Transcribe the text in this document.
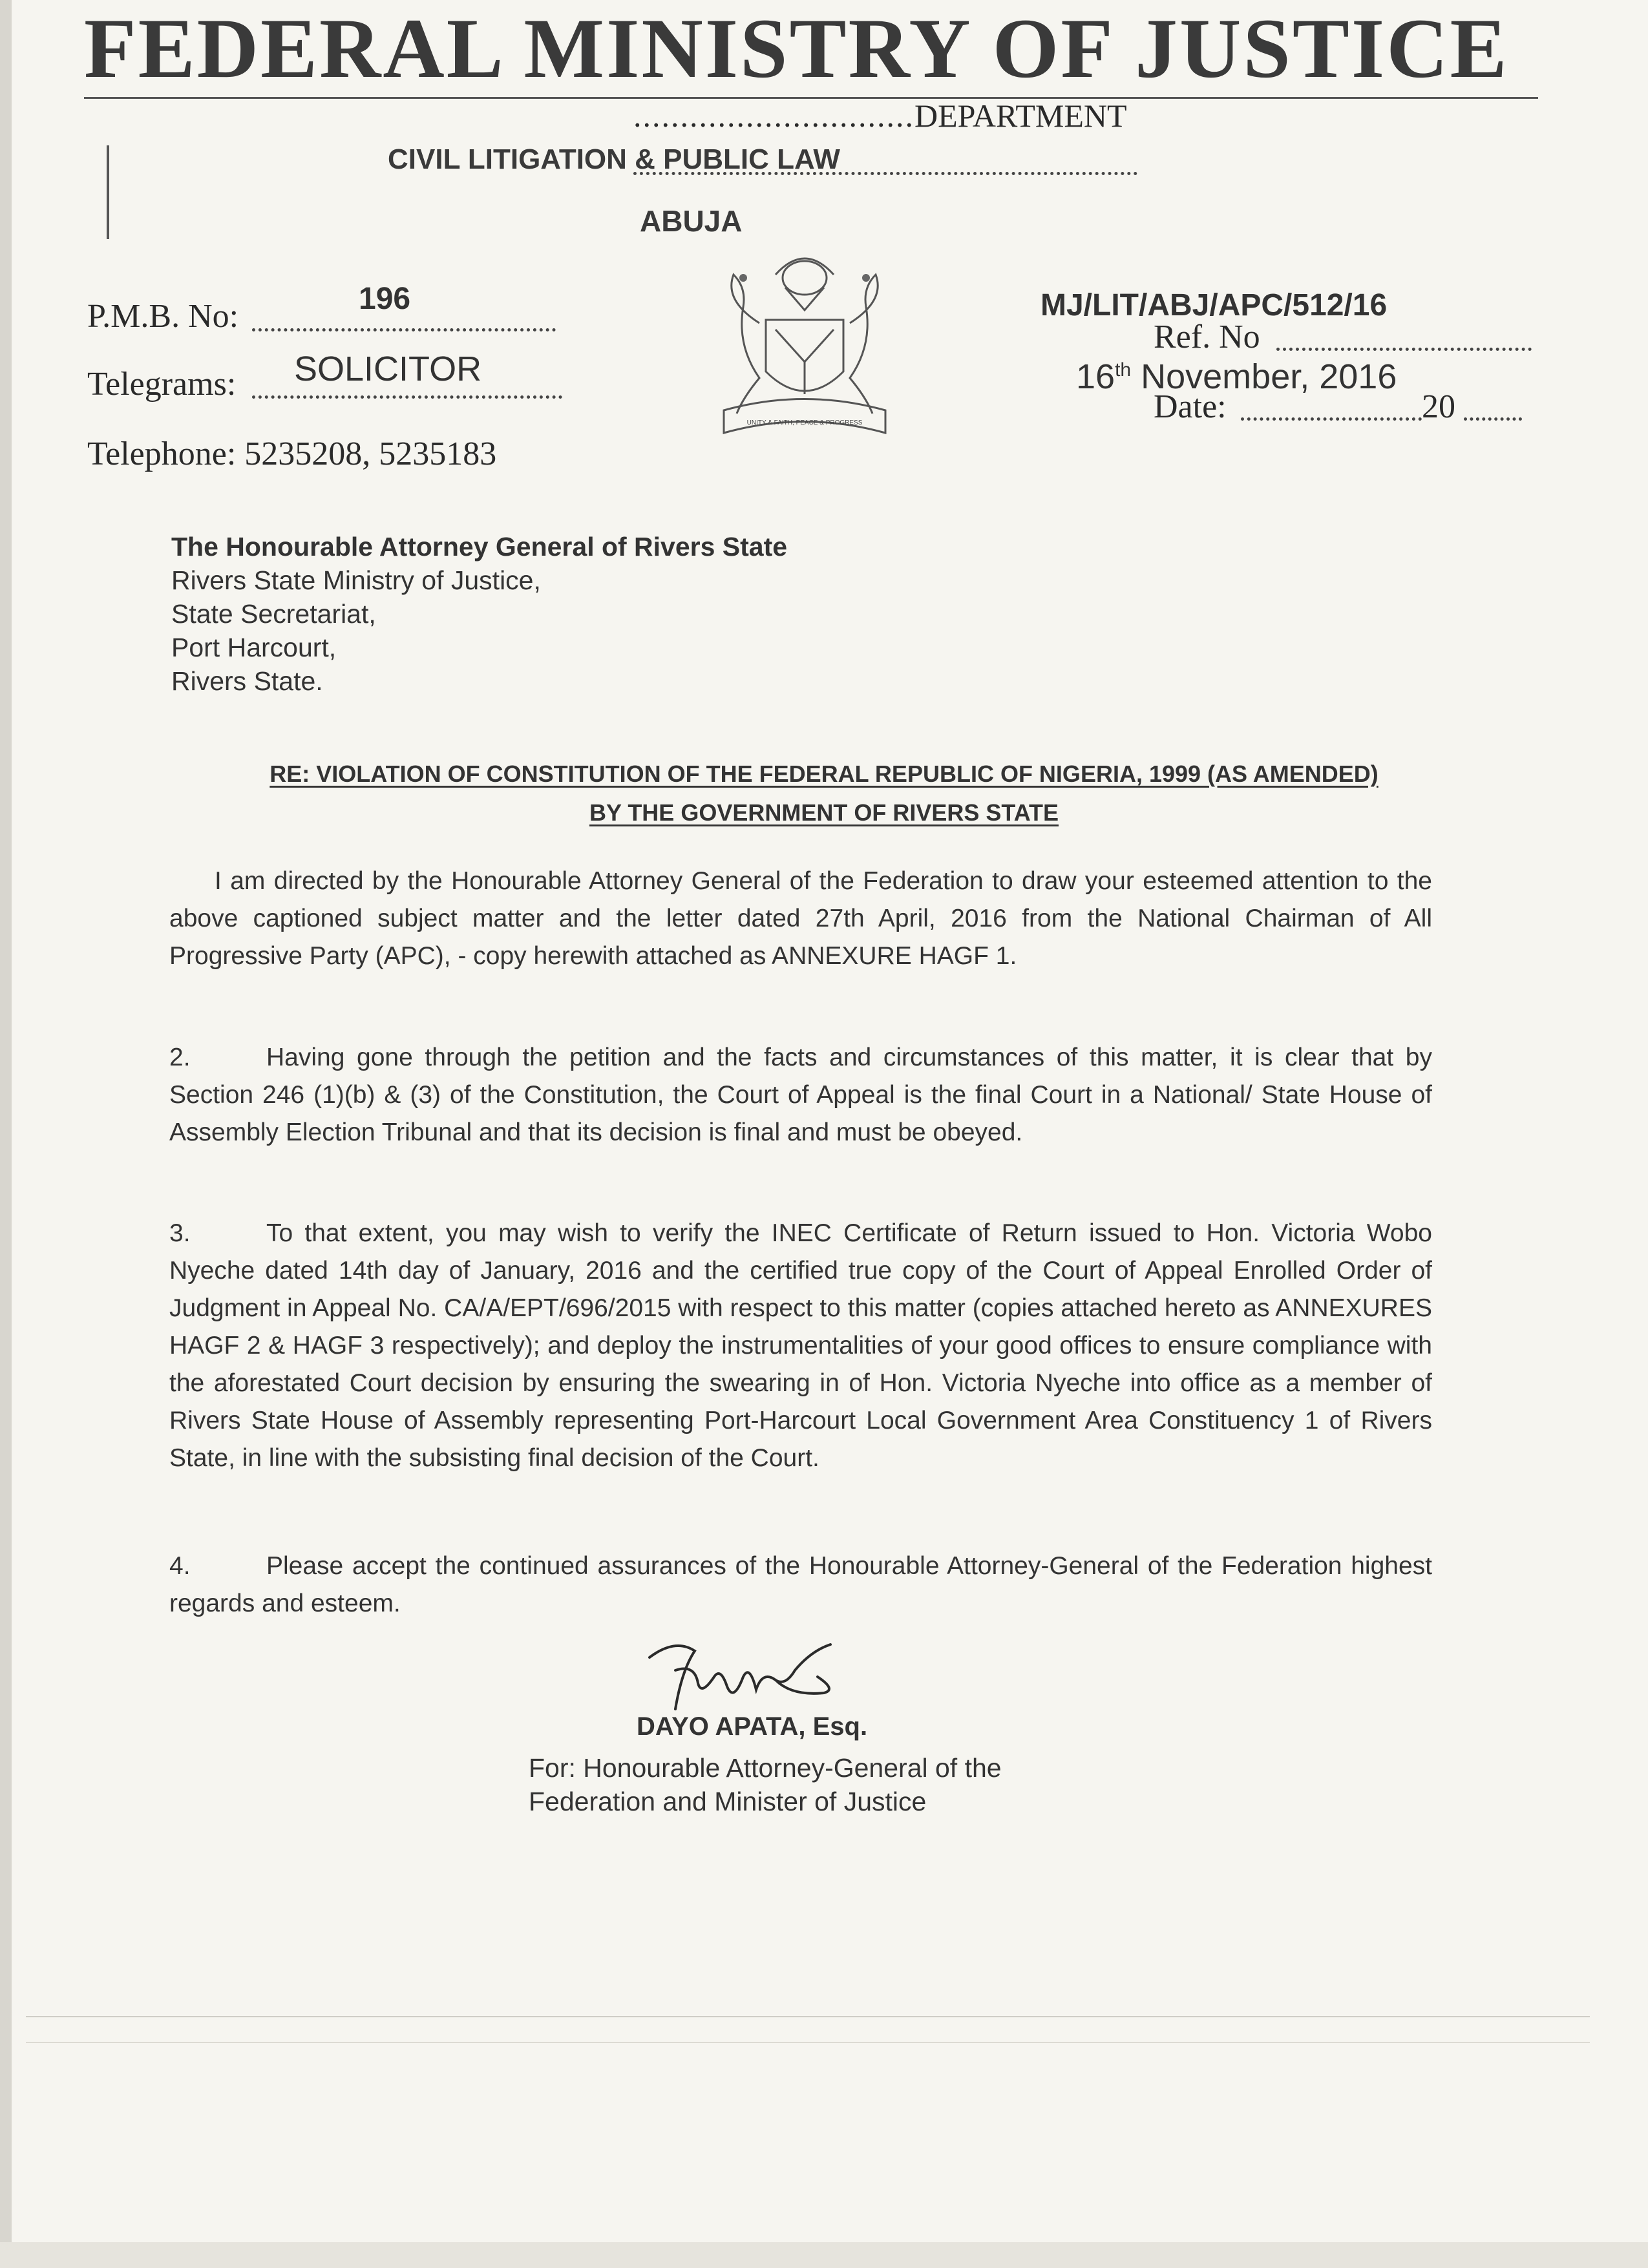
FEDERAL MINISTRY OF JUSTICE
..............................DEPARTMENT
CIVIL LITIGATION & PUBLIC LAW
ABUJA
P.M.B. No:	196
Telegrams: SOLICITOR
Telephone: 5235208, 5235183
UNITY & FAITH, PEACE & PROGRESS
MJ/LIT/ABJ/APC/512/16
Ref. No
16th November, 2016
Date:	20
The Honourable Attorney General of Rivers State
Rivers State Ministry of Justice,
State Secretariat,
Port Harcourt,
Rivers State.
RE: VIOLATION OF CONSTITUTION OF THE FEDERAL REPUBLIC OF NIGERIA, 1999 (AS AMENDED)
BY THE GOVERNMENT OF RIVERS STATE

I am directed by the Honourable Attorney General of the Federation to draw your esteemed attention to the above captioned subject matter and the letter dated 27th April, 2016 from the National Chairman of All Progressive Party (APC), - copy herewith attached as ANNEXURE HAGF 1.

2.	Having gone through the petition and the facts and circumstances of this matter, it is clear that by Section 246 (1)(b) & (3) of the Constitution, the Court of Appeal is the final Court in a National/ State House of Assembly Election Tribunal and that its decision is final and must be obeyed.

3.	To that extent, you may wish to verify the INEC Certificate of Return issued to Hon. Victoria Wobo Nyeche dated 14th day of January, 2016 and the certified true copy of the Court of Appeal Enrolled Order of Judgment in Appeal No. CA/A/EPT/696/2015 with respect to this matter (copies attached hereto as ANNEXURES HAGF 2 & HAGF 3 respectively); and deploy the instrumentalities of your good offices to ensure compliance with the aforestated Court decision by ensuring the swearing in of Hon. Victoria Nyeche into office as a member of Rivers State House of Assembly representing Port-Harcourt Local Government Area Constituency 1 of Rivers State, in line with the subsisting final decision of the Court.

4.	Please accept the continued assurances of the Honourable Attorney-General of the Federation highest regards and esteem.

DAYO APATA, Esq.
For: Honourable Attorney-General of the
Federation and Minister of Justice
